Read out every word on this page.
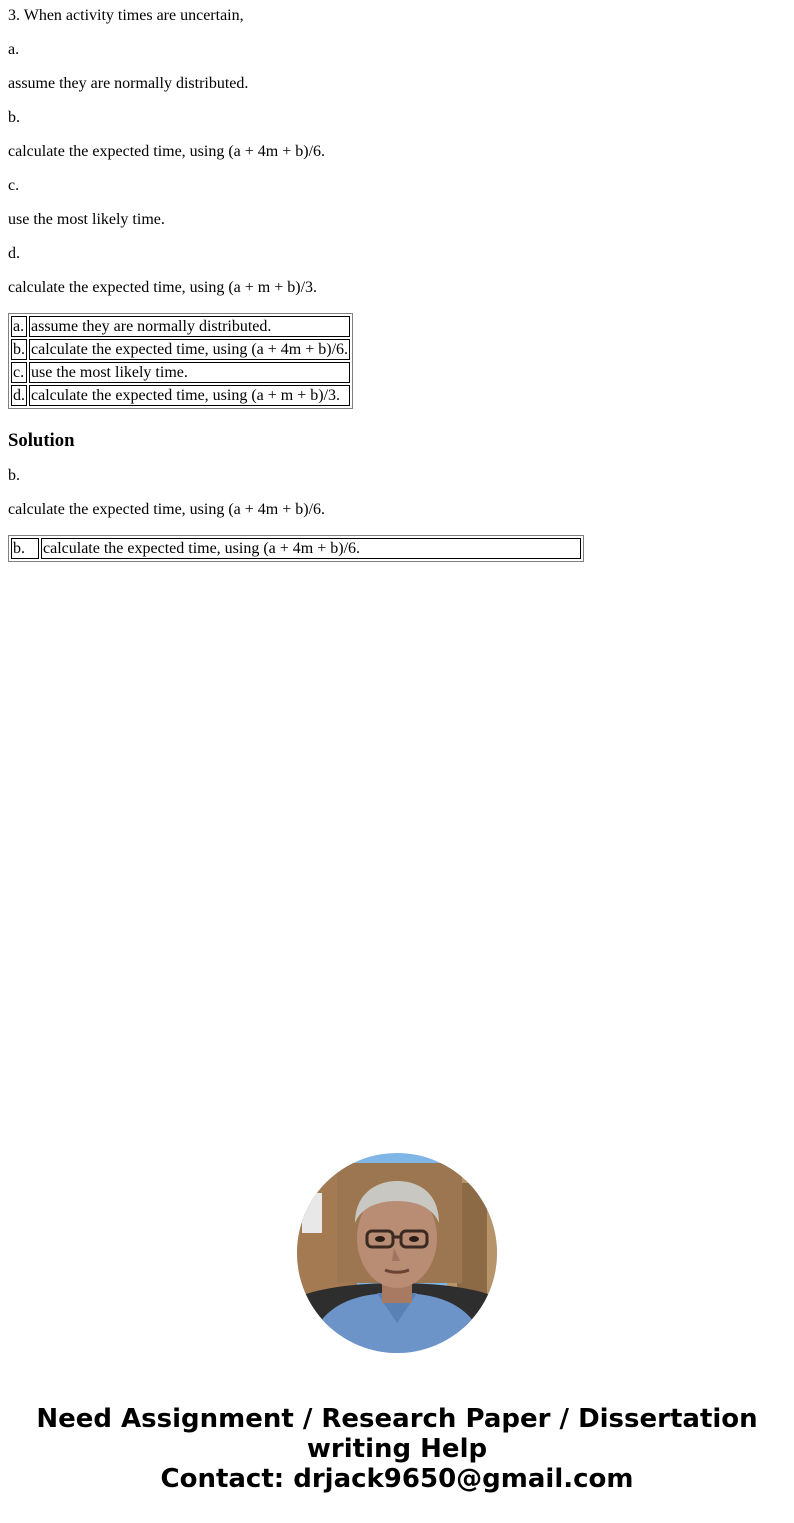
3. When activity times are uncertain,

a.

assume they are normally distributed.

b.

calculate the expected time, using (a + 4m + b)/6.

c.

use the most likely time.

d.

calculate the expected time, using (a + m + b)/3.

a.	assume they are normally distributed.
b.	calculate the expected time, using (a + 4m + b)/6.
c.	use the most likely time.
d.	calculate the expected time, using (a + m + b)/3.
Solution

b.

calculate the expected time, using (a + 4m + b)/6.

b.	calculate the expected time, using (a + 4m + b)/6.
Need Assignment / Research Paper / Dissertation
writing Help
Contact: drjack9650@gmail.com
